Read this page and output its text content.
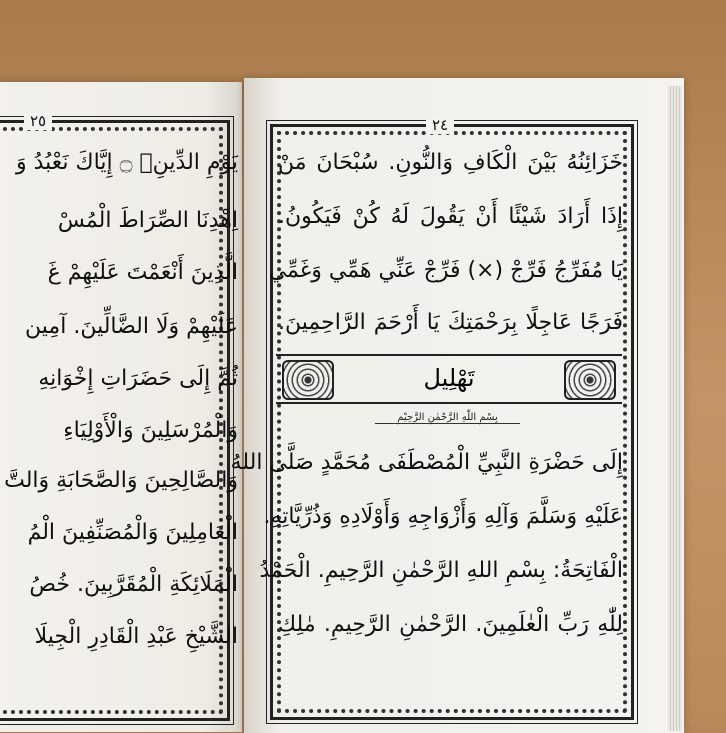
٢٥	٢٤
يَوْمِ الدِّينِۗ ۝ إِيَّاكَ نَعْبُدُ وَ
اِهْدِنَا الصِّرَاطَ الْمُسْ
الَّذِينَ أَنْعَمْتَ عَلَيْهِمْ غَ
عَلَيْهِمْ وَلَا الضَّالِّينَ. آمِين
ثُمَّ إِلَى حَضَرَاتِ إِخْوَانِهِ
وَالْمُرْسَلِينَ وَالْأَوْلِيَاءِ
وَالصَّالِحِينَ وَالصَّحَابَةِ وَالتَّ
الْعَامِلِينَ وَالْمُصَنِّفِينَ الْمُ
الْمَلَائِكَةِ الْمُقَرَّبِينَ. خُصُ
الشَّيْخِ عَبْدِ الْقَادِرِ الْجِيلَا
خَزَائِنُهُ بَيْنَ الْكَافِ وَالنُّونِ. سُبْحَانَ مَنْ
إِذَا أَرَادَ شَيْئًا أَنْ يَقُولَ لَهُ كُنْ فَيَكُونُ.
يَا مُفَرِّجُ فَرِّجْ (×) فَرِّجْ عَنِّي هَمِّي وَغَمِّي
فَرَجًا عَاجِلًا بِرَحْمَتِكَ يَا أَرْحَمَ الرَّاحِمِينَ.
تَهْلِيل
بِسْمِ اللّٰهِ الرَّحْمٰنِ الرَّحِيْمِ
إِلَى حَضْرَةِ النَّبِيِّ الْمُصْطَفَى مُحَمَّدٍ صَلَّى اللهُ
عَلَيْهِ وَسَلَّمَ وَآلِهِ وَأَزْوَاجِهِ وَأَوْلَادِهِ وَذُرِّيَّاتِهِ.
الْفَاتِحَةُ: بِسْمِ اللهِ الرَّحْمٰنِ الرَّحِيمِ. الْحَمْدُ
لِلّٰهِ رَبِّ الْعٰلَمِينَ. الرَّحْمٰنِ الرَّحِيمِ. مٰلِكِ
